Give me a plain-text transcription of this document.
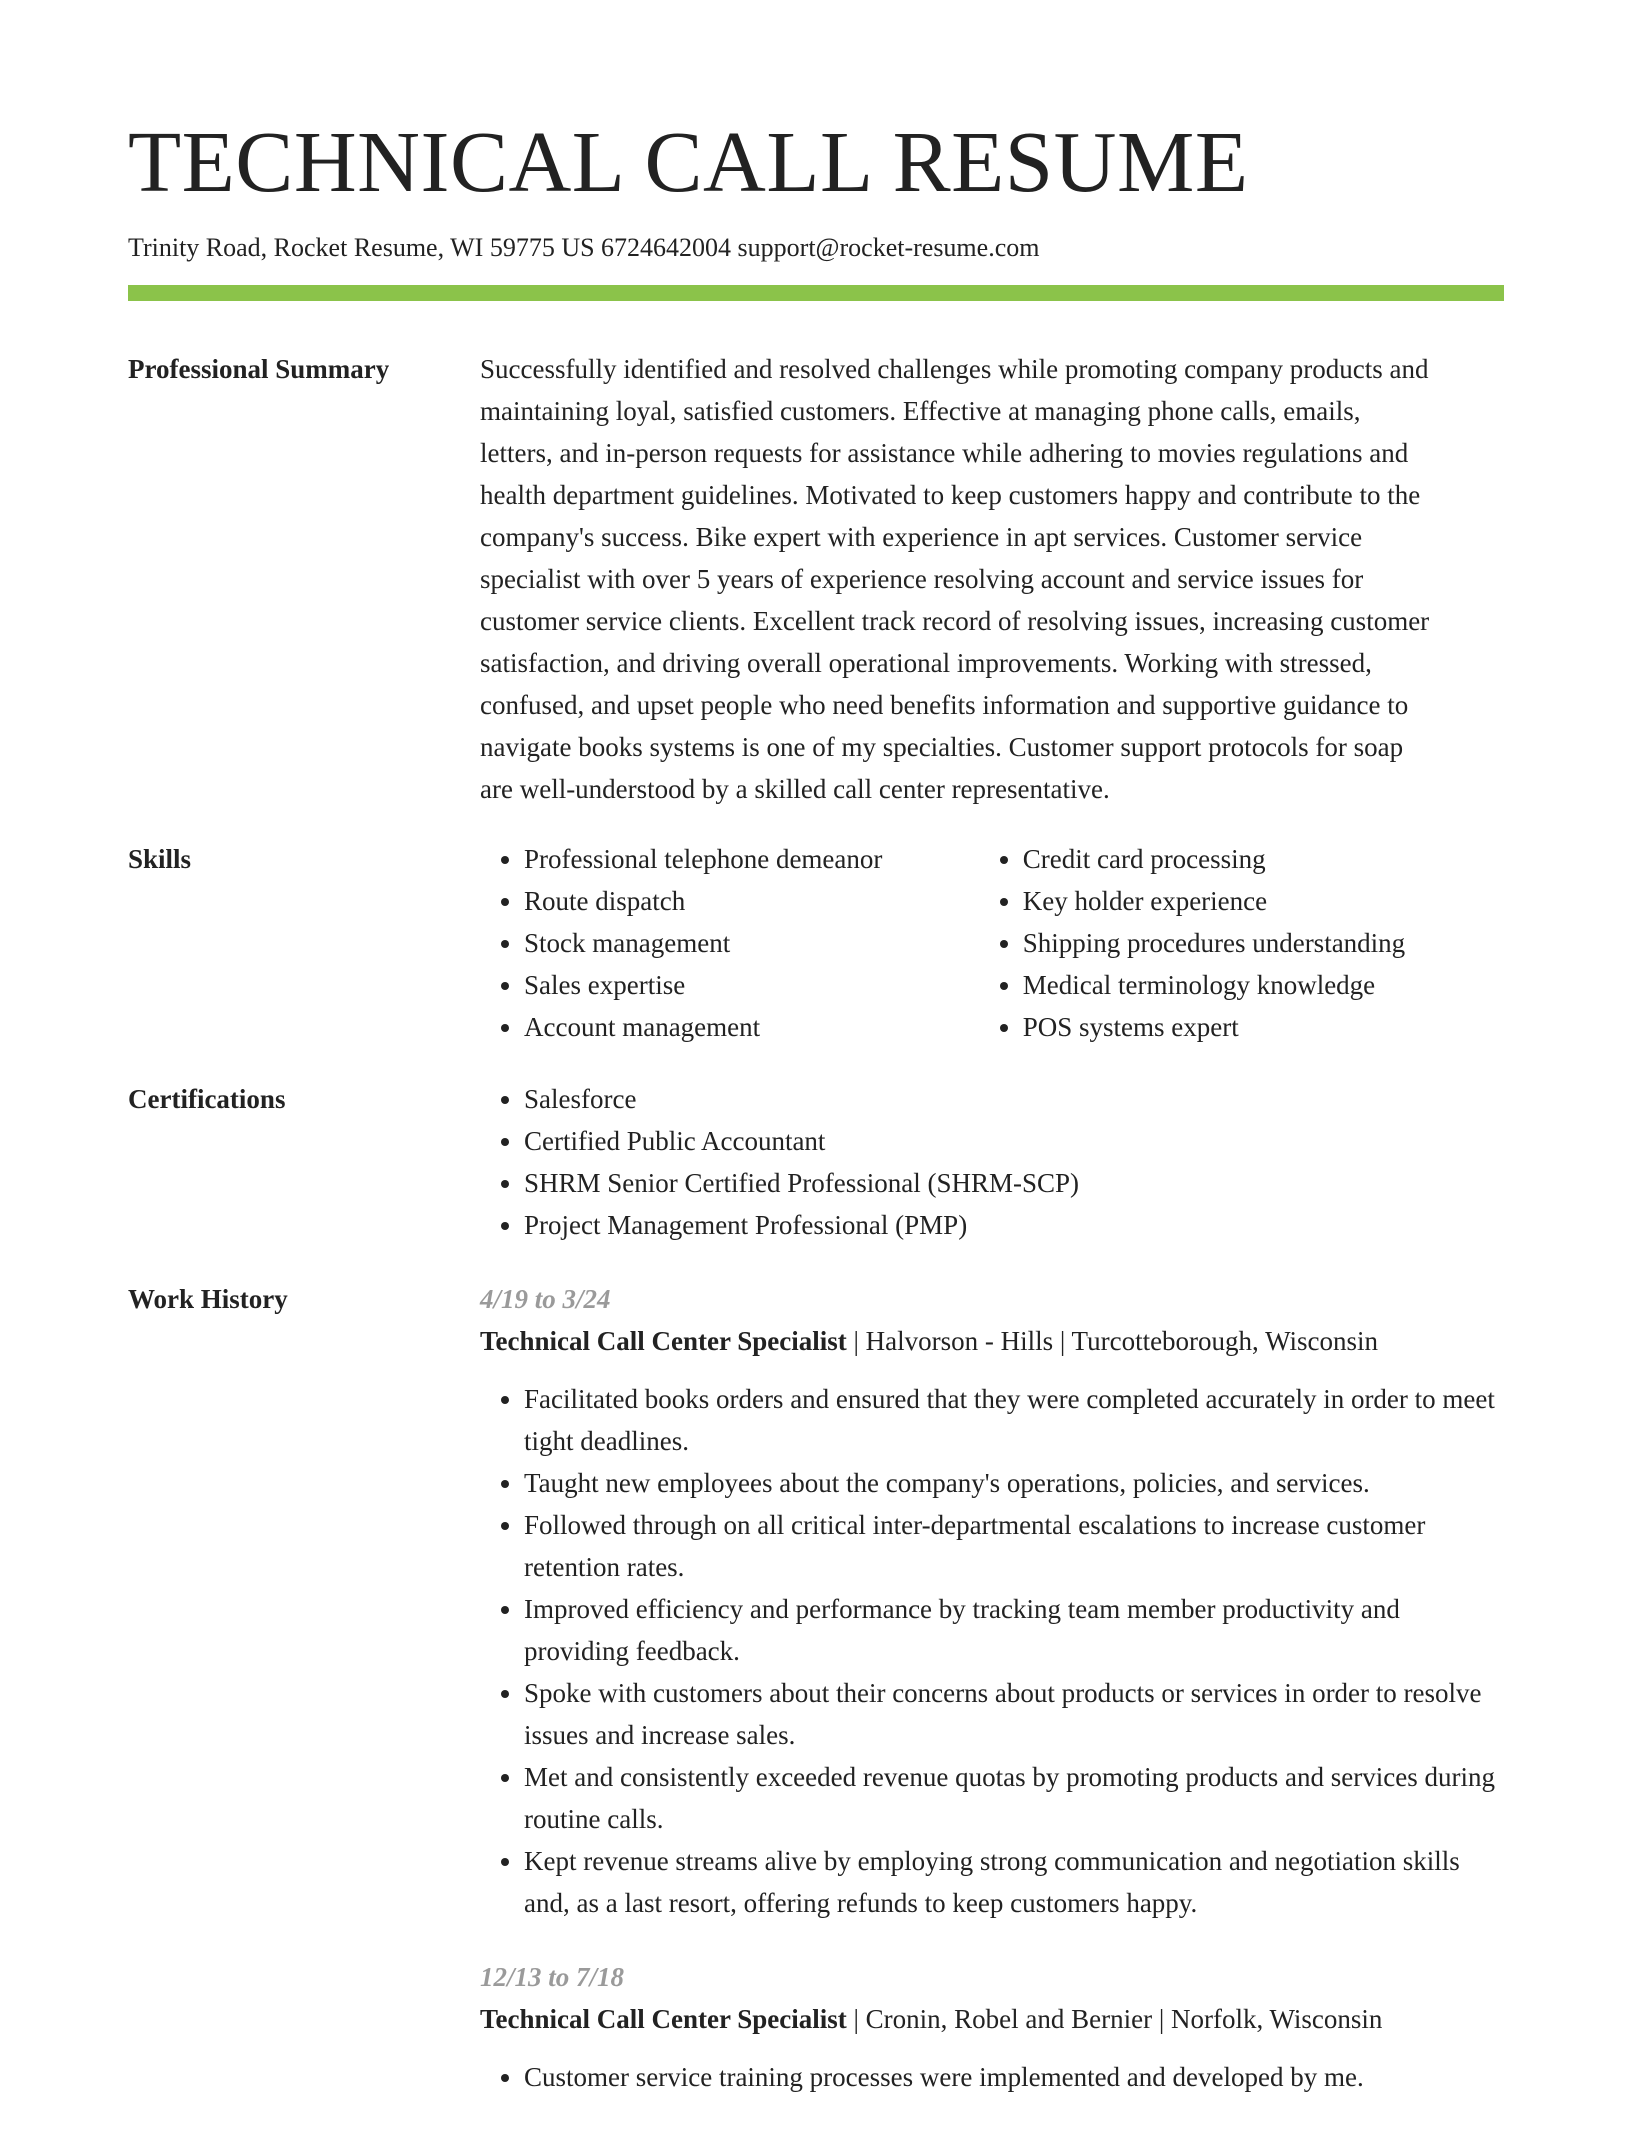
TECHNICAL CALL RESUME
Trinity Road, Rocket Resume, WI 59775 US 6724642004 support@rocket-resume.com
Professional Summary	Successfully identified and resolved challenges while promoting company products and

maintaining loyal, satisfied customers. Effective at managing phone calls, emails,

letters, and in-person requests for assistance while adhering to movies regulations and

health department guidelines. Motivated to keep customers happy and contribute to the

company's success. Bike expert with experience in apt services. Customer service

specialist with over 5 years of experience resolving account and service issues for

customer service clients. Excellent track record of resolving issues, increasing customer

satisfaction, and driving overall operational improvements. Working with stressed,

confused, and upset people who need benefits information and supportive guidance to

navigate books systems is one of my specialties. Customer support protocols for soap

are well-understood by a skilled call center representative.

Skills	• Professional telephone demeanor
• Route dispatch
• Stock management
• Sales expertise
• Account management
• Credit card processing
• Key holder experience
• Shipping procedures understanding
• Medical terminology knowledge
• POS systems expert
Certifications	• Salesforce
• Certified Public Accountant
• SHRM Senior Certified Professional (SHRM-SCP)
• Project Management Professional (PMP)
Work History	4/19 to 3/24
Technical Call Center Specialist | Halvorson - Hills | Turcotteborough, Wisconsin
• Facilitated books orders and ensured that they were completed accurately in order to meet tight deadlines.
• Taught new employees about the company's operations, policies, and services.
• Followed through on all critical inter-departmental escalations to increase customer retention rates.
• Improved efficiency and performance by tracking team member productivity and providing feedback.
• Spoke with customers about their concerns about products or services in order to resolve issues and increase sales.
• Met and consistently exceeded revenue quotas by promoting products and services during routine calls.
• Kept revenue streams alive by employing strong communication and negotiation skills and, as a last resort, offering refunds to keep customers happy.
12/13 to 7/18
Technical Call Center Specialist | Cronin, Robel and Bernier | Norfolk, Wisconsin
• Customer service training processes were implemented and developed by me.
